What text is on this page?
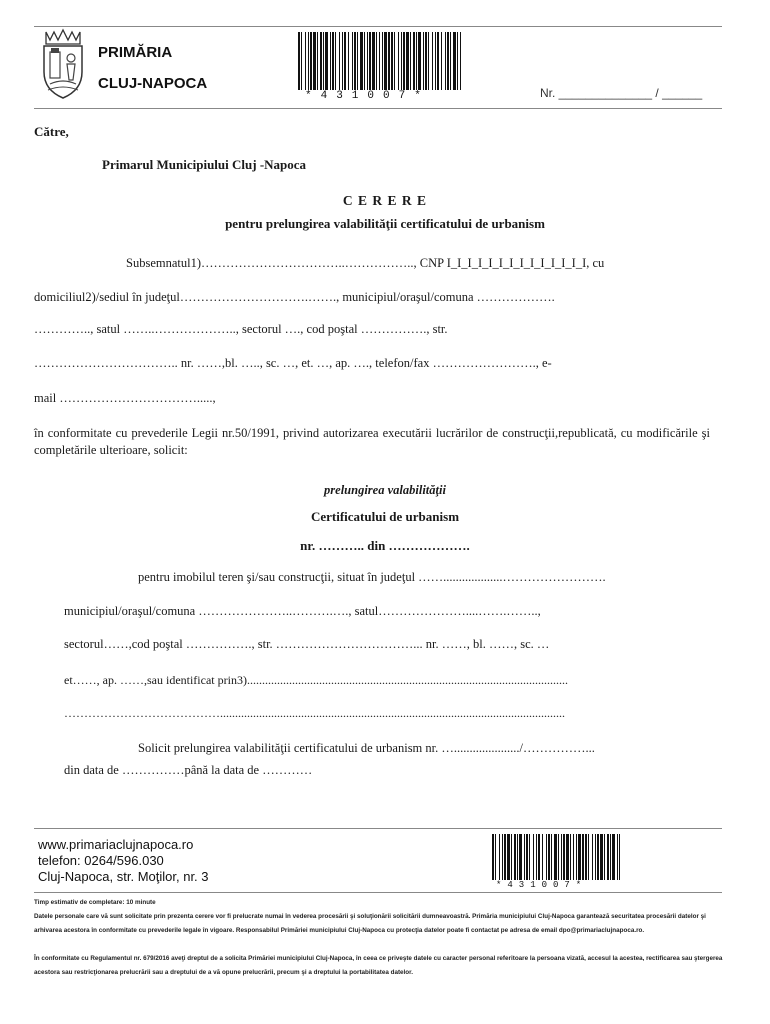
PRIMĂRIA
CLUJ-NAPOCA
*431007*	Nr. ______________ / ______
Către,
Primarul Municipiului Cluj -Napoca
C E R E R E
pentru prelungirea valabilităţii certificatului de urbanism
Subsemnatul1)……………………………..…………….., CNP I_I_I_I_I_I_I_I_I_I_I_I_I_I, cu
domiciliul2)/sediul în judeţul………………………….……., municipiul/oraşul/comuna ……………….
………….., satul ……..……………….., sectorul …., cod poştal ……………., str.
…………………………….. nr. ……,bl. ….., sc. …, et. …, ap. …., telefon/fax ……………………., e-
mail …………………………….....,
în conformitate cu prevederile Legii nr.50/1991, privind autorizarea executării lucrărilor de construcţii,republicată, cu modificările şi completările ulterioare, solicit:
prelungirea valabilităţii
Certificatului de urbanism
nr. ……….. din ……………….
pentru imobilul teren şi/sau construcţii, situat în judeţul ……...................…………………….
municipiul/oraşul/comuna …………………..……….…., satul…………………....…….……..,
sectorul……,cod poştal ……………., str. ……………………………... nr. ……, bl. ……, sc. …
et……, ap. ……,sau identificat prin3)...........................................................................................................
…………………………………...................................................................................................................
Solicit prelungirea valabilităţii certificatului de urbanism nr. …...................../……………...
din data de ……………până la data de …………
www.primariaclujnapoca.ro
telefon: 0264/596.030
Cluj-Napoca, str. Moţilor, nr. 3
*431007*
Timp estimativ de completare: 10 minute
Datele personale care vă sunt solicitate prin prezenta cerere vor fi prelucrate numai în vederea procesării şi soluţionării solicitării dumneavoastră. Primăria municipiului Cluj-Napoca garantează securitatea procesării datelor şi arhivarea acestora în conformitate cu prevederile legale în vigoare. Responsabilul Primăriei municipiului Cluj-Napoca cu protecţia datelor poate fi contactat pe adresa de email dpo@primariaclujnapoca.ro.
În conformitate cu Regulamentul nr. 679/2016 aveţi dreptul de a solicita Primăriei municipiului Cluj-Napoca, în ceea ce priveşte datele cu caracter personal referitoare la persoana vizată, accesul la acestea, rectificarea sau ştergerea acestora sau restricţionarea prelucrării sau a dreptului de a vă opune prelucrării, precum şi a dreptului la portabilitatea datelor.
